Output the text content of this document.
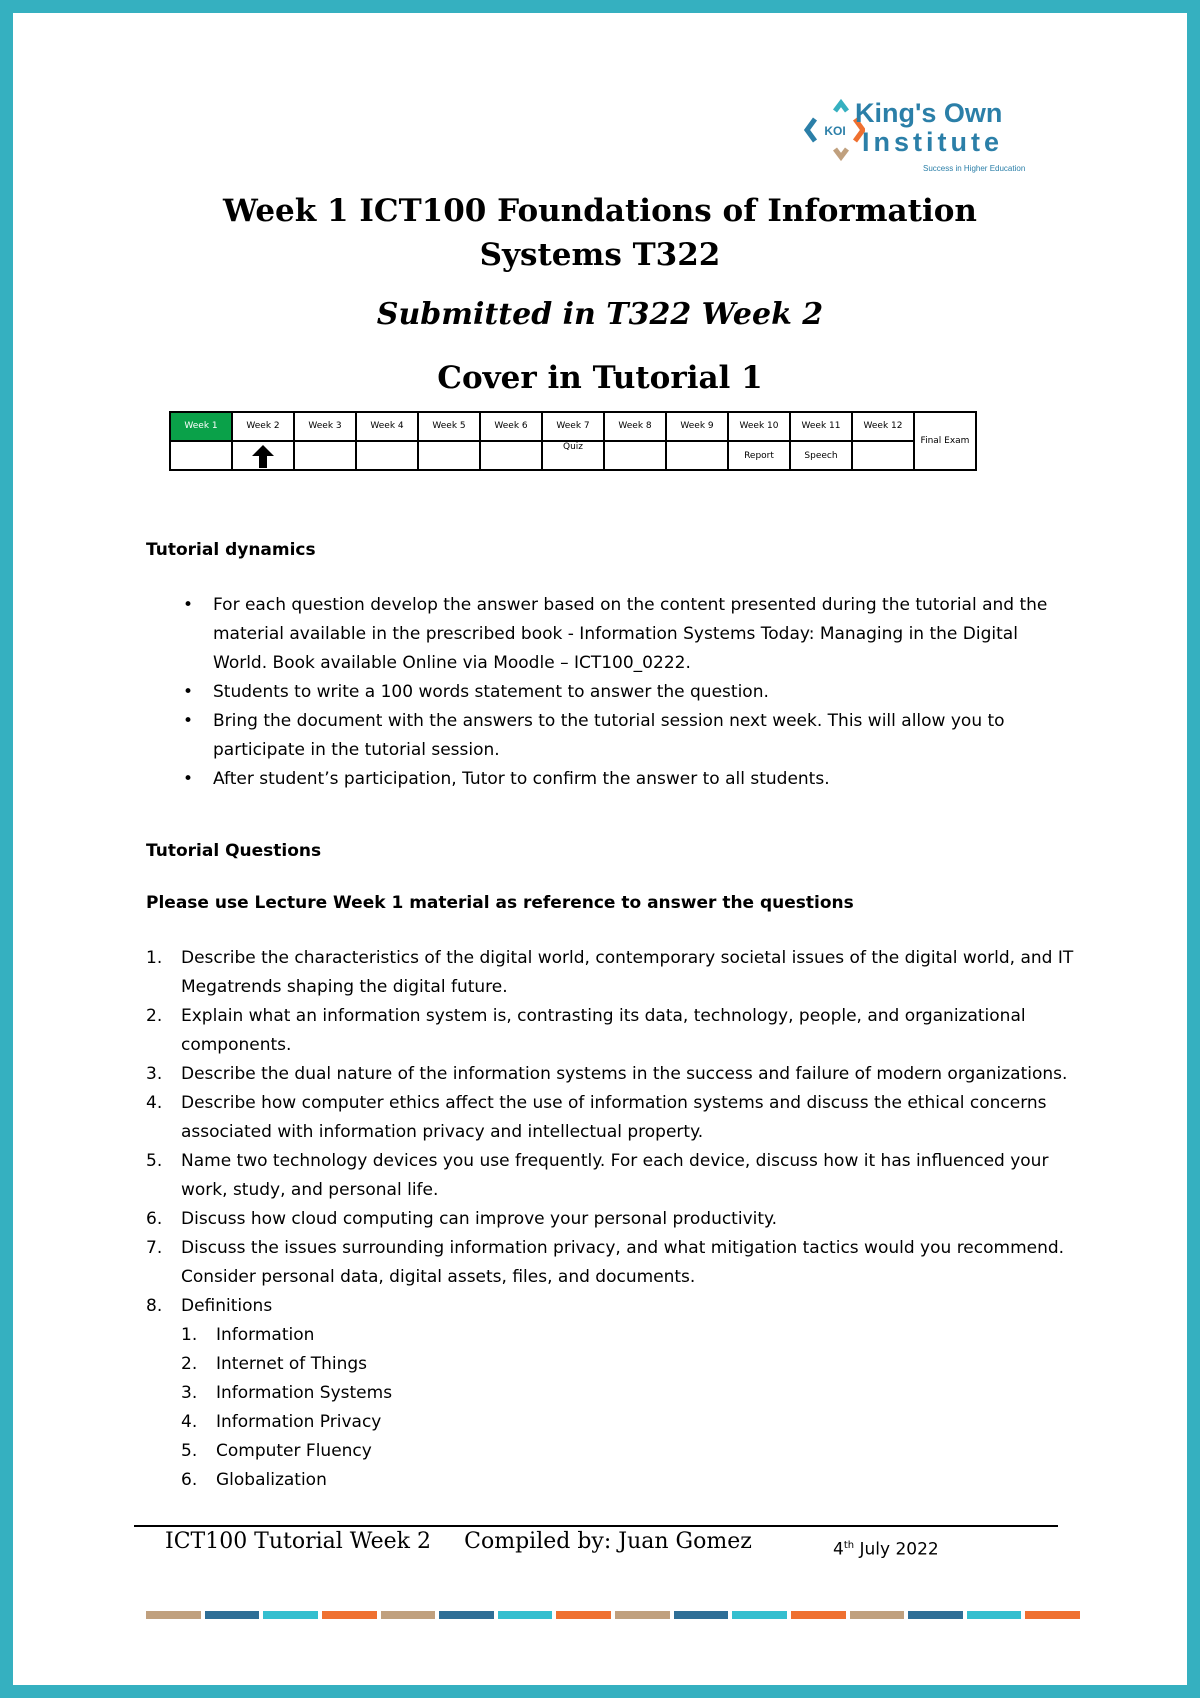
KOI
King's Own
Institute
Success in Higher Education
Week 1 ICT100 Foundations of Information Systems T322
Submitted in T322 Week 2
Cover in Tutorial 1
Week 1	Week 2	Week 3	Week 4	Week 5	Week 6	Week 7	Week 8	Week 9	Week 10	Week 11	Week 12	Final Exam
						Quiz			Report	Speech		
Tutorial dynamics
• For each question develop the answer based on the content presented during the tutorial and the material available in the prescribed book - Information Systems Today: Managing in the Digital World. Book available Online via Moodle – ICT100_0222.
• Students to write a 100 words statement to answer the question.
• Bring the document with the answers to the tutorial session next week. This will allow you to participate in the tutorial session.
• After student’s participation, Tutor to confirm the answer to all students.
Tutorial Questions
Please use Lecture Week 1 material as reference to answer the questions
1. Describe the characteristics of the digital world, contemporary societal issues of the digital world, and IT Megatrends shaping the digital future.
2. Explain what an information system is, contrasting its data, technology, people, and organizational components.
3. Describe the dual nature of the information systems in the success and failure of modern organizations.
4. Describe how computer ethics affect the use of information systems and discuss the ethical concerns associated with information privacy and intellectual property.
5. Name two technology devices you use frequently. For each device, discuss how it has influenced your work, study, and personal life.
6. Discuss how cloud computing can improve your personal productivity.
7. Discuss the issues surrounding information privacy, and what mitigation tactics would you recommend. Consider personal data, digital assets, files, and documents.
8. Definitions
1. Information
2. Internet of Things
3. Information Systems
4. Information Privacy
5. Computer Fluency
6. Globalization
ICT100 Tutorial Week 2	Compiled by: Juan Gomez	4th July 2022
